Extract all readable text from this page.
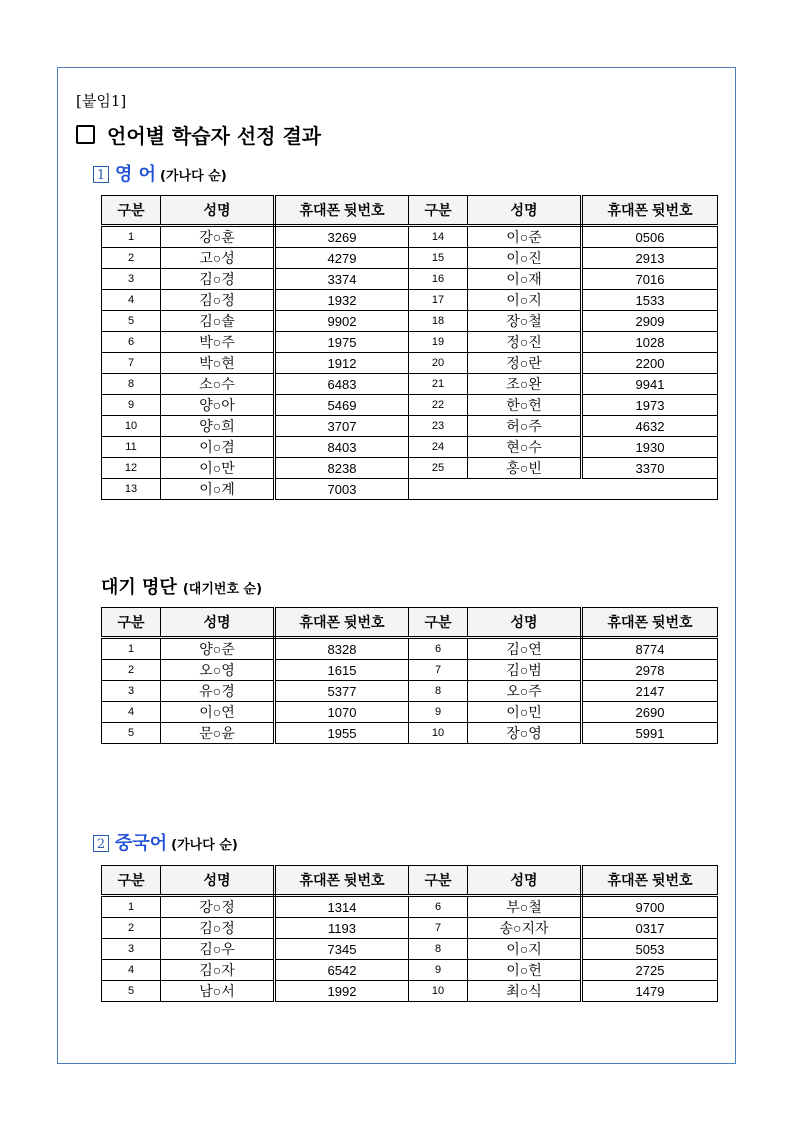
[붙임1]
언어별 학습자 선정 결과
1 영 어 (가나다 순)
구분	성명	휴대폰 뒷번호	구분	성명	휴대폰 뒷번호
1	강○훈	3269	14	이○준	0506
2	고○성	4279	15	이○진	2913
3	김○경	3374	16	이○재	7016
4	김○정	1932	17	이○지	1533
5	김○솔	9902	18	장○철	2909
6	박○주	1975	19	정○진	1028
7	박○현	1912	20	정○란	2200
8	소○수	6483	21	조○완	9941
9	양○아	5469	22	한○헌	1973
10	양○희	3707	23	허○주	4632
11	이○겸	8403	24	현○수	1930
12	이○만	8238	25	홍○빈	3370
13	이○계	7003			
대기 명단 (대기번호 순)
구분	성명	휴대폰 뒷번호	구분	성명	휴대폰 뒷번호
1	양○준	8328	6	김○연	8774
2	오○영	1615	7	김○범	2978
3	유○경	5377	8	오○주	2147
4	이○연	1070	9	이○민	2690
5	문○윤	1955	10	장○영	5991
2 중국어 (가나다 순)
구분	성명	휴대폰 뒷번호	구분	성명	휴대폰 뒷번호
1	강○정	1314	6	부○철	9700
2	김○정	1193	7	송○지자	0317
3	김○우	7345	8	이○지	5053
4	김○자	6542	9	이○헌	2725
5	남○서	1992	10	최○식	1479
